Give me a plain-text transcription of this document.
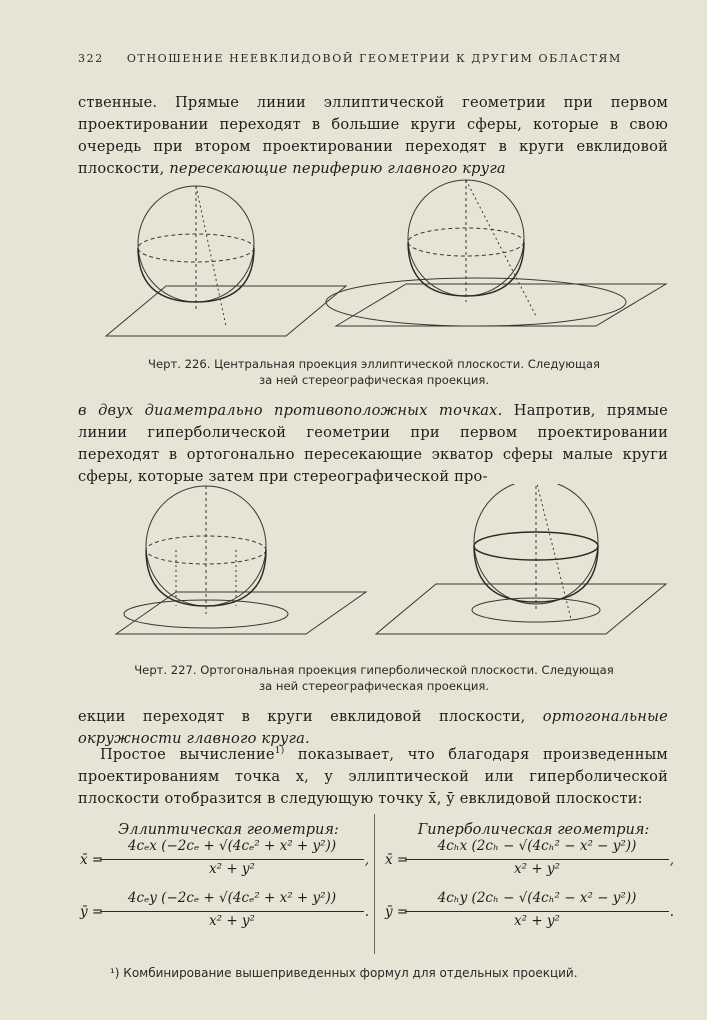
322 ОТНОШЕНИЕ НЕЕВКЛИДОВОЙ ГЕОМЕТРИИ К ДРУГИМ ОБЛАСТЯМ

ственные. Прямые линии эллиптической геометрии при первом проектировании переходят в большие круги сферы, которые в свою очередь при втором проектировании переходят в круги евклидовой плоскости, пересекающие периферию главного круга

Черт. 226. Центральная проекция эллиптической плоскости. Следующая
за ней стереографическая проекция.

в двух диаметрально противоположных точках. Напротив, прямые линии гиперболической геометрии при первом проектировании переходят в ортогонально пересекающие экватор сферы малые круги сферы, которые затем при стереографической про-

Черт. 227. Ортогональная проекция гиперболической плоскости. Следующая
за ней стереографическая проекция.

екции переходят в круги евклидовой плоскости, ортогональные окружности главного круга.

Простое вычисление$^{1)}$ показывает, что благодаря произведенным проектированиям точка x, y эллиптической или гиперболической плоскости отобразится в следующую точку x̄, ȳ евклидовой плоскости:

Эллиптическая геометрия:
x̄ =
4cₑx (−2cₑ + √(4cₑ² + x² + y²))
x² + y²
,
ȳ =
4cₑy (−2cₑ + √(4cₑ² + x² + y²))
x² + y²
.
Гиперболическая геометрия:
x̄ =
4cₕx (2cₕ − √(4cₕ² − x² − y²))
x² + y²
,
ȳ =
4cₕy (2cₕ − √(4cₕ² − x² − y²))
x² + y²
.
¹) Комбинирование вышеприведенных формул для отдельных проекций.
